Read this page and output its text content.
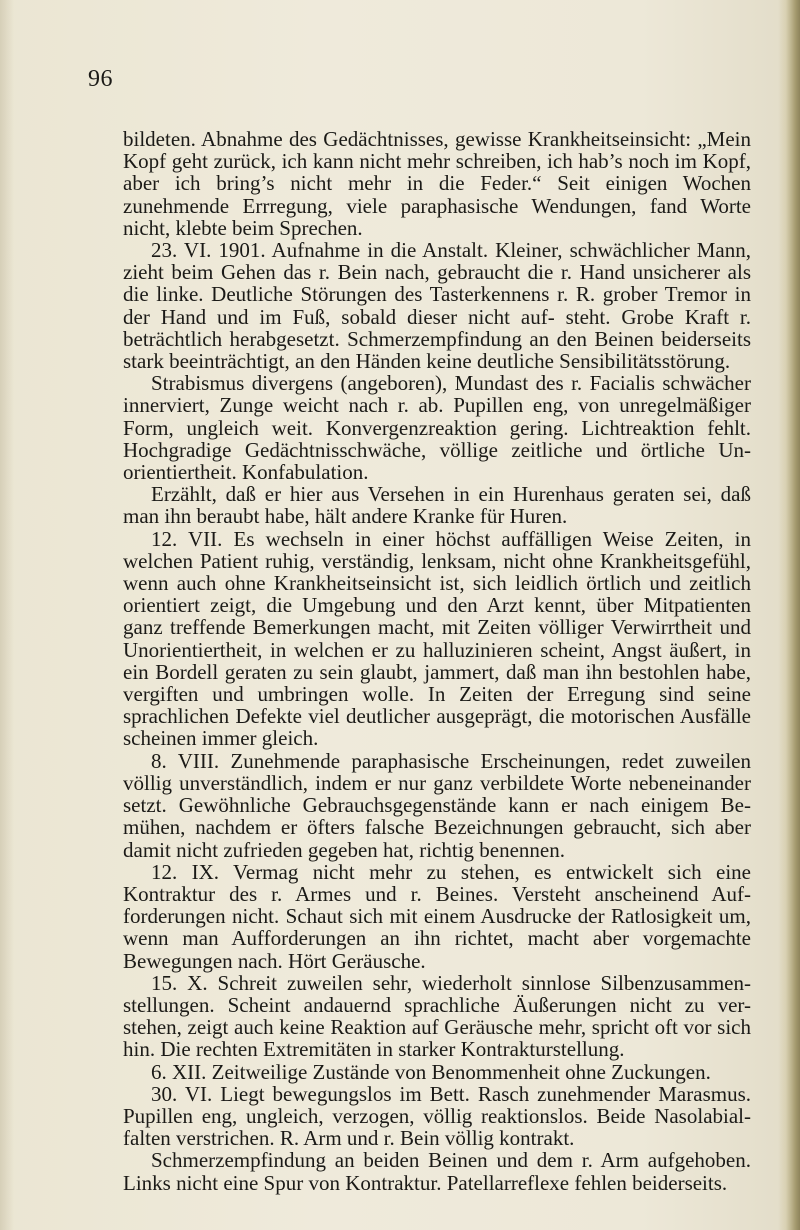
96

bildeten. Abnahme des Gedächtnisses, gewisse Krankheitseinsicht: „Mein Kopf geht zurück, ich kann nicht mehr schreiben, ich hab’s noch im Kopf, aber ich bring’s nicht mehr in die Feder.“ Seit einigen Wochen zunehmende Errregung, viele paraphasische Wendungen, fand Worte nicht, klebte beim Sprechen.

23. VI. 1901. Aufnahme in die Anstalt. Kleiner, schwächlicher Mann, zieht beim Gehen das r. Bein nach, gebraucht die r. Hand unsicherer als die linke. Deutliche Störungen des Tasterkennens r. R. grober Tremor in der Hand und im Fuß, sobald dieser nicht auf- steht. Grobe Kraft r. beträchtlich herabgesetzt. Schmerzempfindung an den Beinen beiderseits stark beeinträchtigt, an den Händen keine deutliche Sensibilitätsstörung.

Strabismus divergens (angeboren), Mundast des r. Facialis schwächer innerviert, Zunge weicht nach r. ab. Pupillen eng, von unregelmäßiger Form, ungleich weit. Konvergenzreaktion gering. Lichtreaktion fehlt. Hochgradige Gedächtnisschwäche, völlige zeitliche und örtliche Un- orientiertheit. Konfabulation.

Erzählt, daß er hier aus Versehen in ein Hurenhaus geraten sei, daß man ihn beraubt habe, hält andere Kranke für Huren.

12. VII. Es wechseln in einer höchst auffälligen Weise Zeiten, in welchen Patient ruhig, verständig, lenksam, nicht ohne Krankheitsgefühl, wenn auch ohne Krankheitseinsicht ist, sich leidlich örtlich und zeitlich orientiert zeigt, die Umgebung und den Arzt kennt, über Mitpatienten ganz treffende Bemerkungen macht, mit Zeiten völliger Verwirrtheit und Unorientiertheit, in welchen er zu halluzinieren scheint, Angst äußert, in ein Bordell geraten zu sein glaubt, jammert, daß man ihn bestohlen habe, vergiften und umbringen wolle. In Zeiten der Erregung sind seine sprachlichen Defekte viel deutlicher ausgeprägt, die motorischen Ausfälle scheinen immer gleich.

8. VIII. Zunehmende paraphasische Erscheinungen, redet zuweilen völlig unverständlich, indem er nur ganz verbildete Worte nebeneinander setzt. Gewöhnliche Gebrauchsgegenstände kann er nach einigem Be- mühen, nachdem er öfters falsche Bezeichnungen gebraucht, sich aber damit nicht zufrieden gegeben hat, richtig benennen.

12. IX. Vermag nicht mehr zu stehen, es entwickelt sich eine Kontraktur des r. Armes und r. Beines. Versteht anscheinend Auf- forderungen nicht. Schaut sich mit einem Ausdrucke der Ratlosigkeit um, wenn man Aufforderungen an ihn richtet, macht aber vorgemachte Bewegungen nach. Hört Geräusche.

15. X. Schreit zuweilen sehr, wiederholt sinnlose Silbenzusammen- stellungen. Scheint andauernd sprachliche Äußerungen nicht zu ver- stehen, zeigt auch keine Reaktion auf Geräusche mehr, spricht oft vor sich hin. Die rechten Extremitäten in starker Kontrakturstellung.

6. XII. Zeitweilige Zustände von Benommenheit ohne Zuckungen.

30. VI. Liegt bewegungslos im Bett. Rasch zunehmender Marasmus. Pupillen eng, ungleich, verzogen, völlig reaktionslos. Beide Nasolabial- falten verstrichen. R. Arm und r. Bein völlig kontrakt.

Schmerzempfindung an beiden Beinen und dem r. Arm aufgehoben. Links nicht eine Spur von Kontraktur. Patellarreflexe fehlen beiderseits.
